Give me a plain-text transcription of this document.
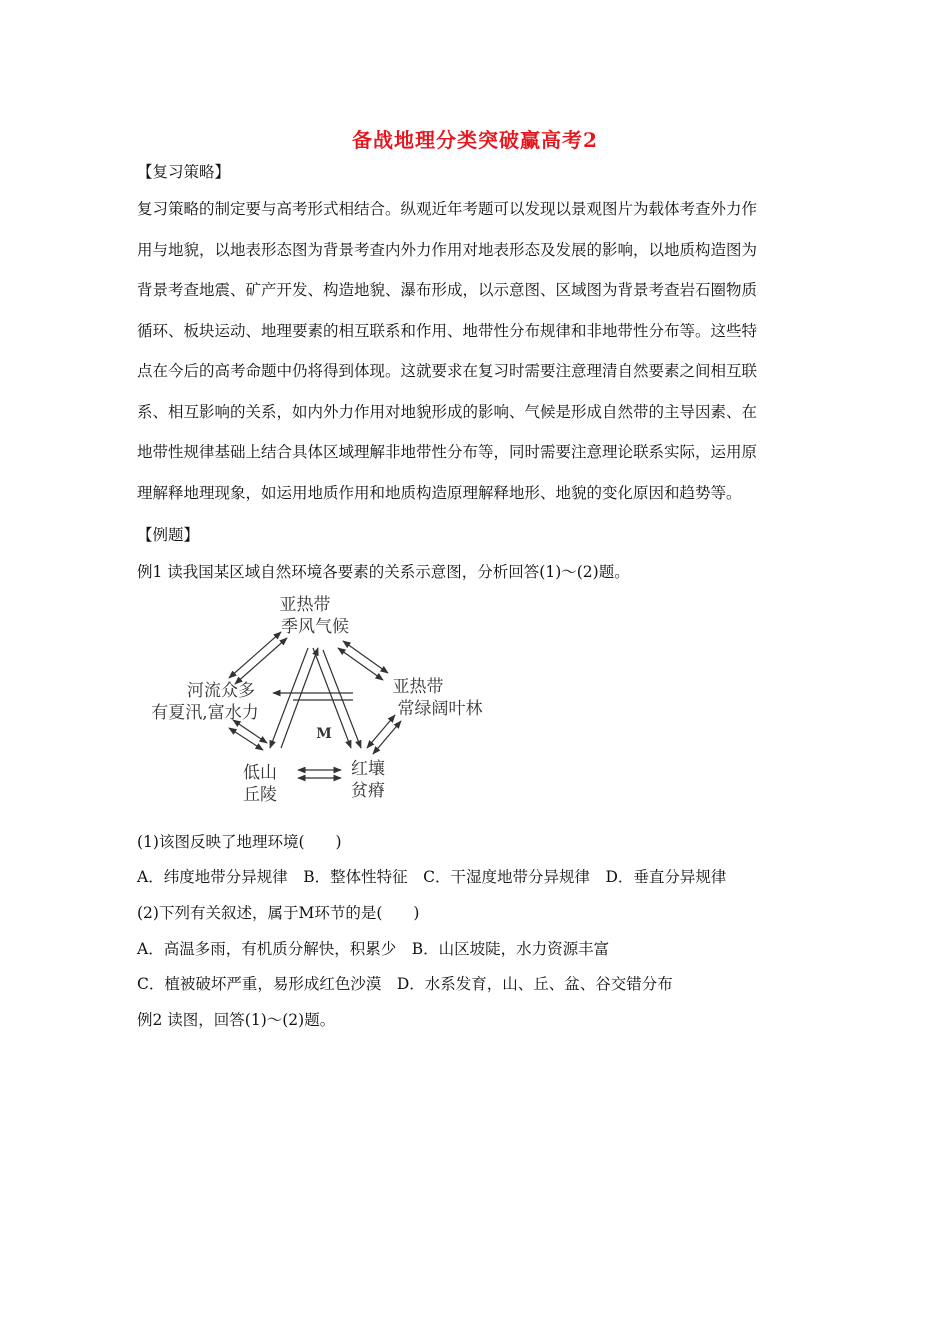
备战地理分类突破赢高考2
【复习策略】
复习策略的制定要与高考形式相结合。纵观近年考题可以发现以景观图片为载体考查外力作
用与地貌，以地表形态图为背景考查内外力作用对地表形态及发展的影响，以地质构造图为
背景考查地震、矿产开发、构造地貌、瀑布形成，以示意图、区域图为背景考查岩石圈物质
循环、板块运动、地理要素的相互联系和作用、地带性分布规律和非地带性分布等。这些特
点在今后的高考命题中仍将得到体现。这就要求在复习时需要注意理清自然要素之间相互联
系、相互影响的关系，如内外力作用对地貌形成的影响、气候是形成自然带的主导因素、在
地带性规律基础上结合具体区域理解非地带性分布等，同时需要注意理论联系实际，运用原
理解释地理现象，如运用地质作用和地质构造原理解释地形、地貌的变化原因和趋势等。
【例题】
例1 读我国某区域自然环境各要素的关系示意图，分析回答(1)～(2)题。
亚热带
季风气候
亚热带
常绿阔叶林
河流众多
有夏汛,富水力
红壤
贫瘠
低山
丘陵
M
(1)该图反映了地理环境(　　)
A．纬度地带分异规律　B．整体性特征　C．干湿度地带分异规律　D．垂直分异规律
(2)下列有关叙述，属于M环节的是(　　)
A．高温多雨，有机质分解快，积累少　B．山区坡陡，水力资源丰富
C．植被破坏严重，易形成红色沙漠　D．水系发育，山、丘、盆、谷交错分布
例2 读图，回答(1)～(2)题。
